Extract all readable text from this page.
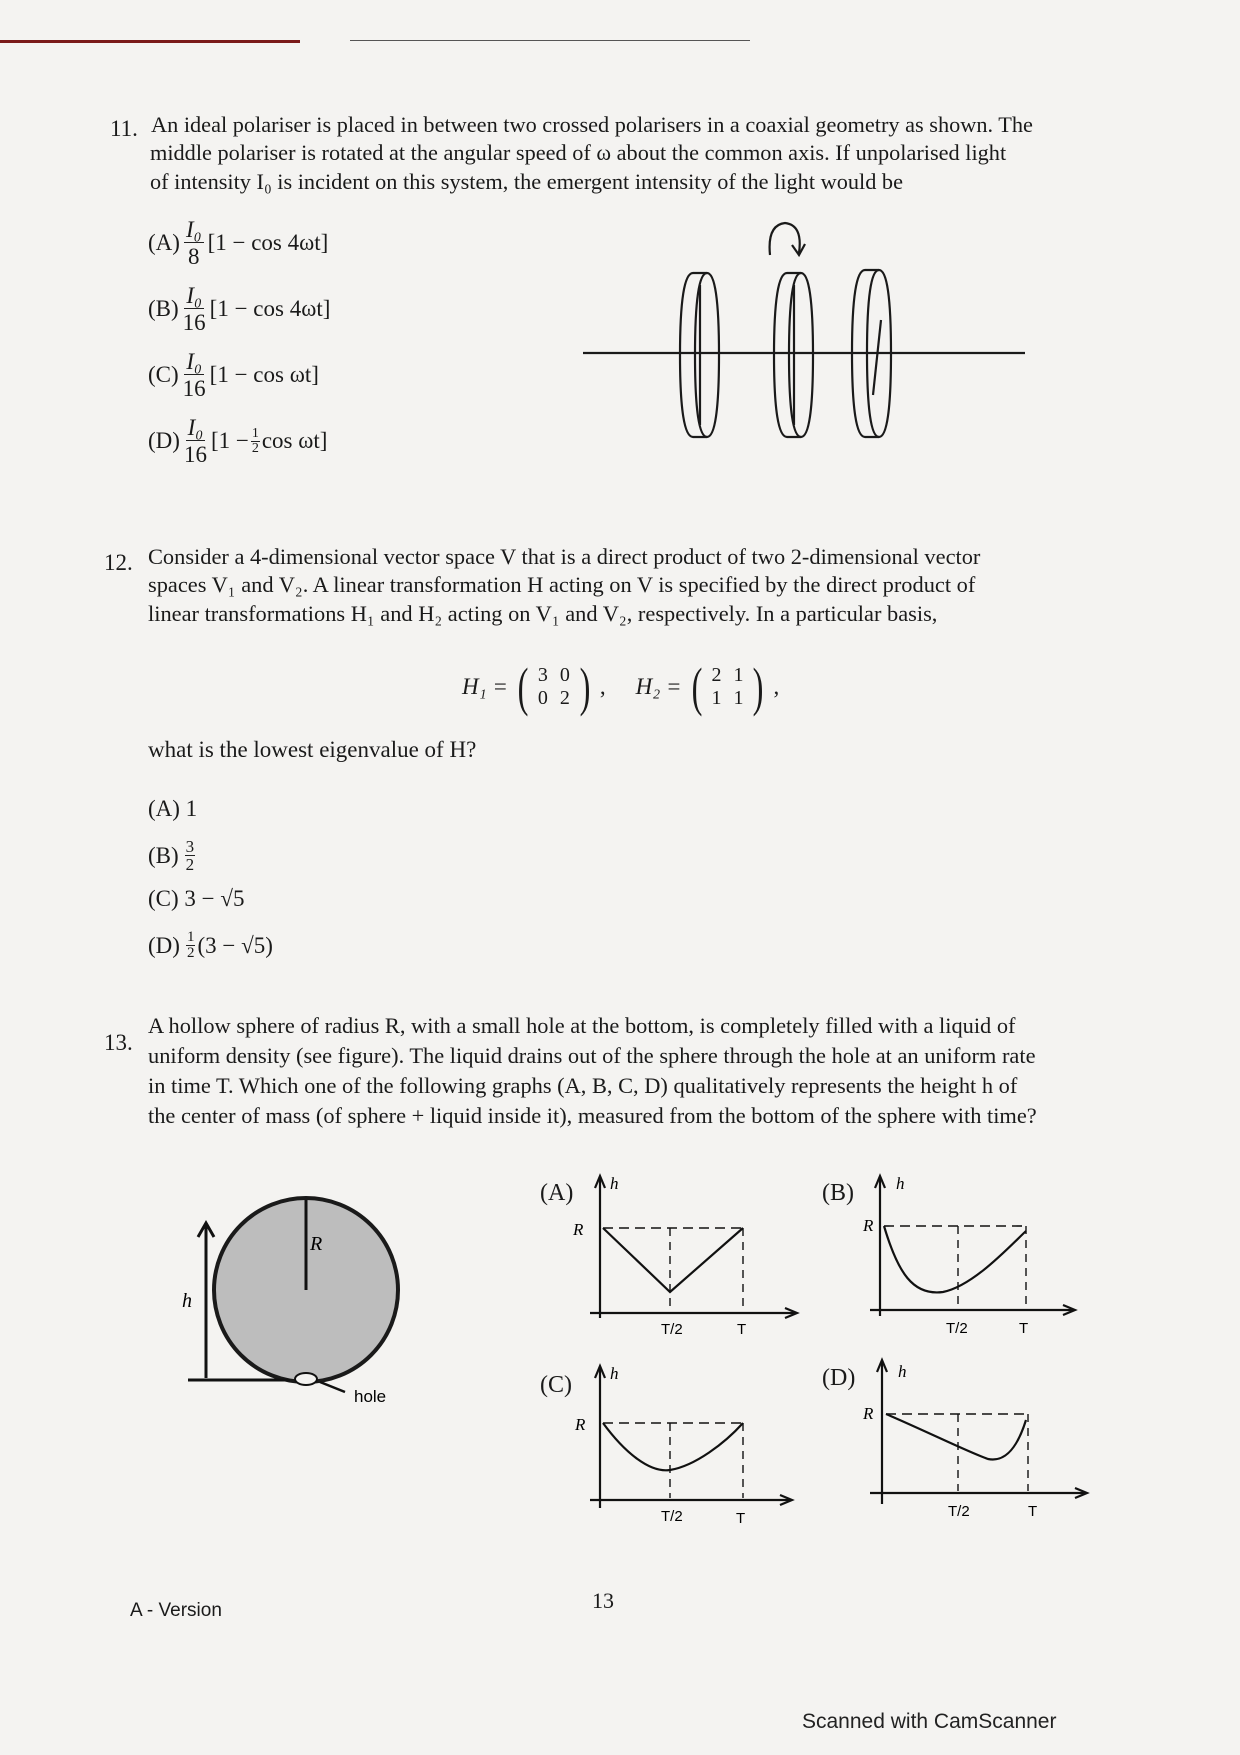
11. An ideal polariser is placed in between two crossed polarisers in a coaxial geometry as shown. The
middle polariser is rotated at the angular speed of ω about the common axis. If unpolarised light
of intensity I₀ is incident on this system, the emergent intensity of the light would be
$(A) \frac{\text{I₀}}{8} [1 - \cos 4\omega t]$
$(B) \frac{\text{I₀}}{16} [1 - \cos 4\omega t]$
$(C) \frac{\text{I₀}}{16} [1 - \cos \omega t]$
$(D) \frac{\text{I₀}}{16} [1 - \frac{1}{2}$ cos ωt]
12. Consider a 4-dimensional vector space V that is a direct product of two 2-dimensional vector
spaces V₁ and V₂. A linear transformation H acting on V is specified by the direct product of
linear transformations H₁ and H₂ acting on V₁ and V₂, respectively. In a particular basis,
H₁ = ( 3	0
0	2 ) , H₂ = ( 2	1
1	1 ) ,
what is the lowest eigenvalue of H?
(A) 1
(B) 3
2
(C) 3 − √5
(D) 1
2 (3 − √5)
13.
A hollow sphere of radius R, with a small hole at the bottom, is completely filled with a liquid of
uniform density (see figure). The liquid drains out of the sphere through the hole at an uniform rate
in time T. Which one of the following graphs (A, B, C, D) qualitatively represents the height h of
the center of mass (of sphere + liquid inside it), measured from the bottom of the sphere with time?
h
R
hole
(A) h
R
T/2	T
(B) h
R
T/2	T
(C) h
R
T/2	T
(D)	h
R
T/2	T
A - Version	13
Scanned with CamScanner
